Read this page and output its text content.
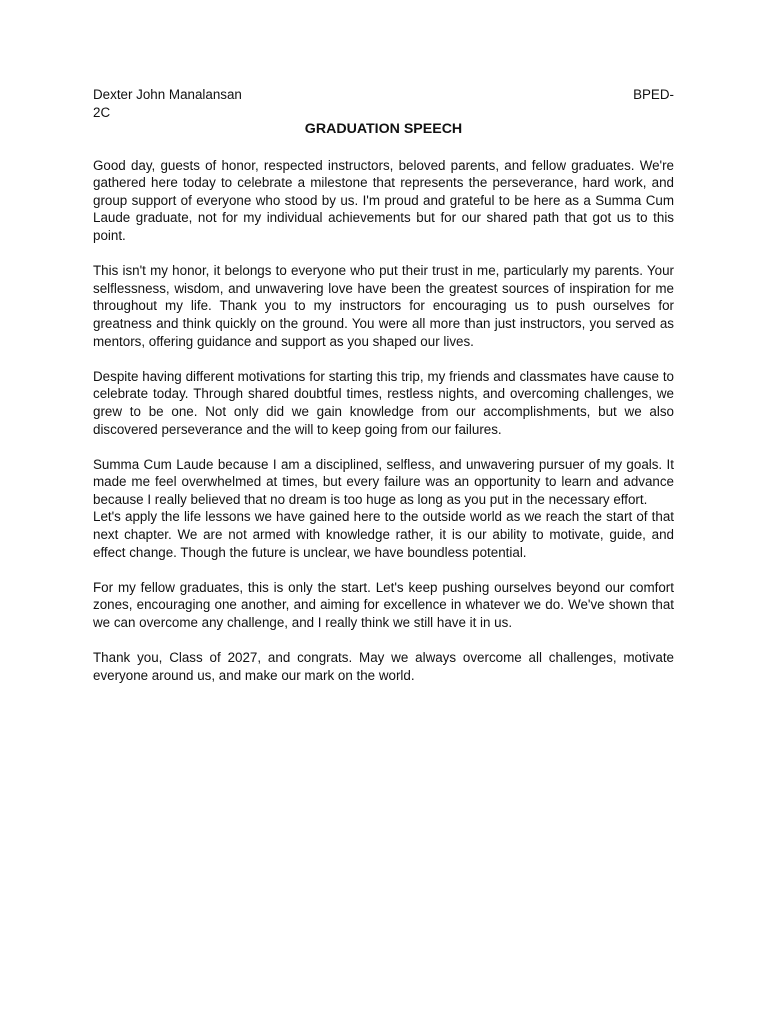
Dexter John Manalansan	BPED-
2C
GRADUATION SPEECH

Good day, guests of honor, respected instructors, beloved parents, and fellow graduates. We're gathered here today to celebrate a milestone that represents the perseverance, hard work, and group support of everyone who stood by us. I'm proud and grateful to be here as a Summa Cum Laude graduate, not for my individual achievements but for our shared path that got us to this point.

This isn't my honor, it belongs to everyone who put their trust in me, particularly my parents. Your selflessness, wisdom, and unwavering love have been the greatest sources of inspiration for me throughout my life. Thank you to my instructors for encouraging us to push ourselves for greatness and think quickly on the ground. You were all more than just instructors, you served as mentors, offering guidance and support as you shaped our lives.

Despite having different motivations for starting this trip, my friends and classmates have cause to celebrate today. Through shared doubtful times, restless nights, and overcoming challenges, we grew to be one. Not only did we gain knowledge from our accomplishments, but we also discovered perseverance and the will to keep going from our failures.

Summa Cum Laude because I am a disciplined, selfless, and unwavering pursuer of my goals. It made me feel overwhelmed at times, but every failure was an opportunity to learn and advance because I really believed that no dream is too huge as long as you put in the necessary effort.

Let's apply the life lessons we have gained here to the outside world as we reach the start of that next chapter. We are not armed with knowledge rather, it is our ability to motivate, guide, and effect change. Though the future is unclear, we have boundless potential.

For my fellow graduates, this is only the start. Let's keep pushing ourselves beyond our comfort zones, encouraging one another, and aiming for excellence in whatever we do. We've shown that we can overcome any challenge, and I really think we still have it in us.

Thank you, Class of 2027, and congrats. May we always overcome all challenges, motivate everyone around us, and make our mark on the world.
